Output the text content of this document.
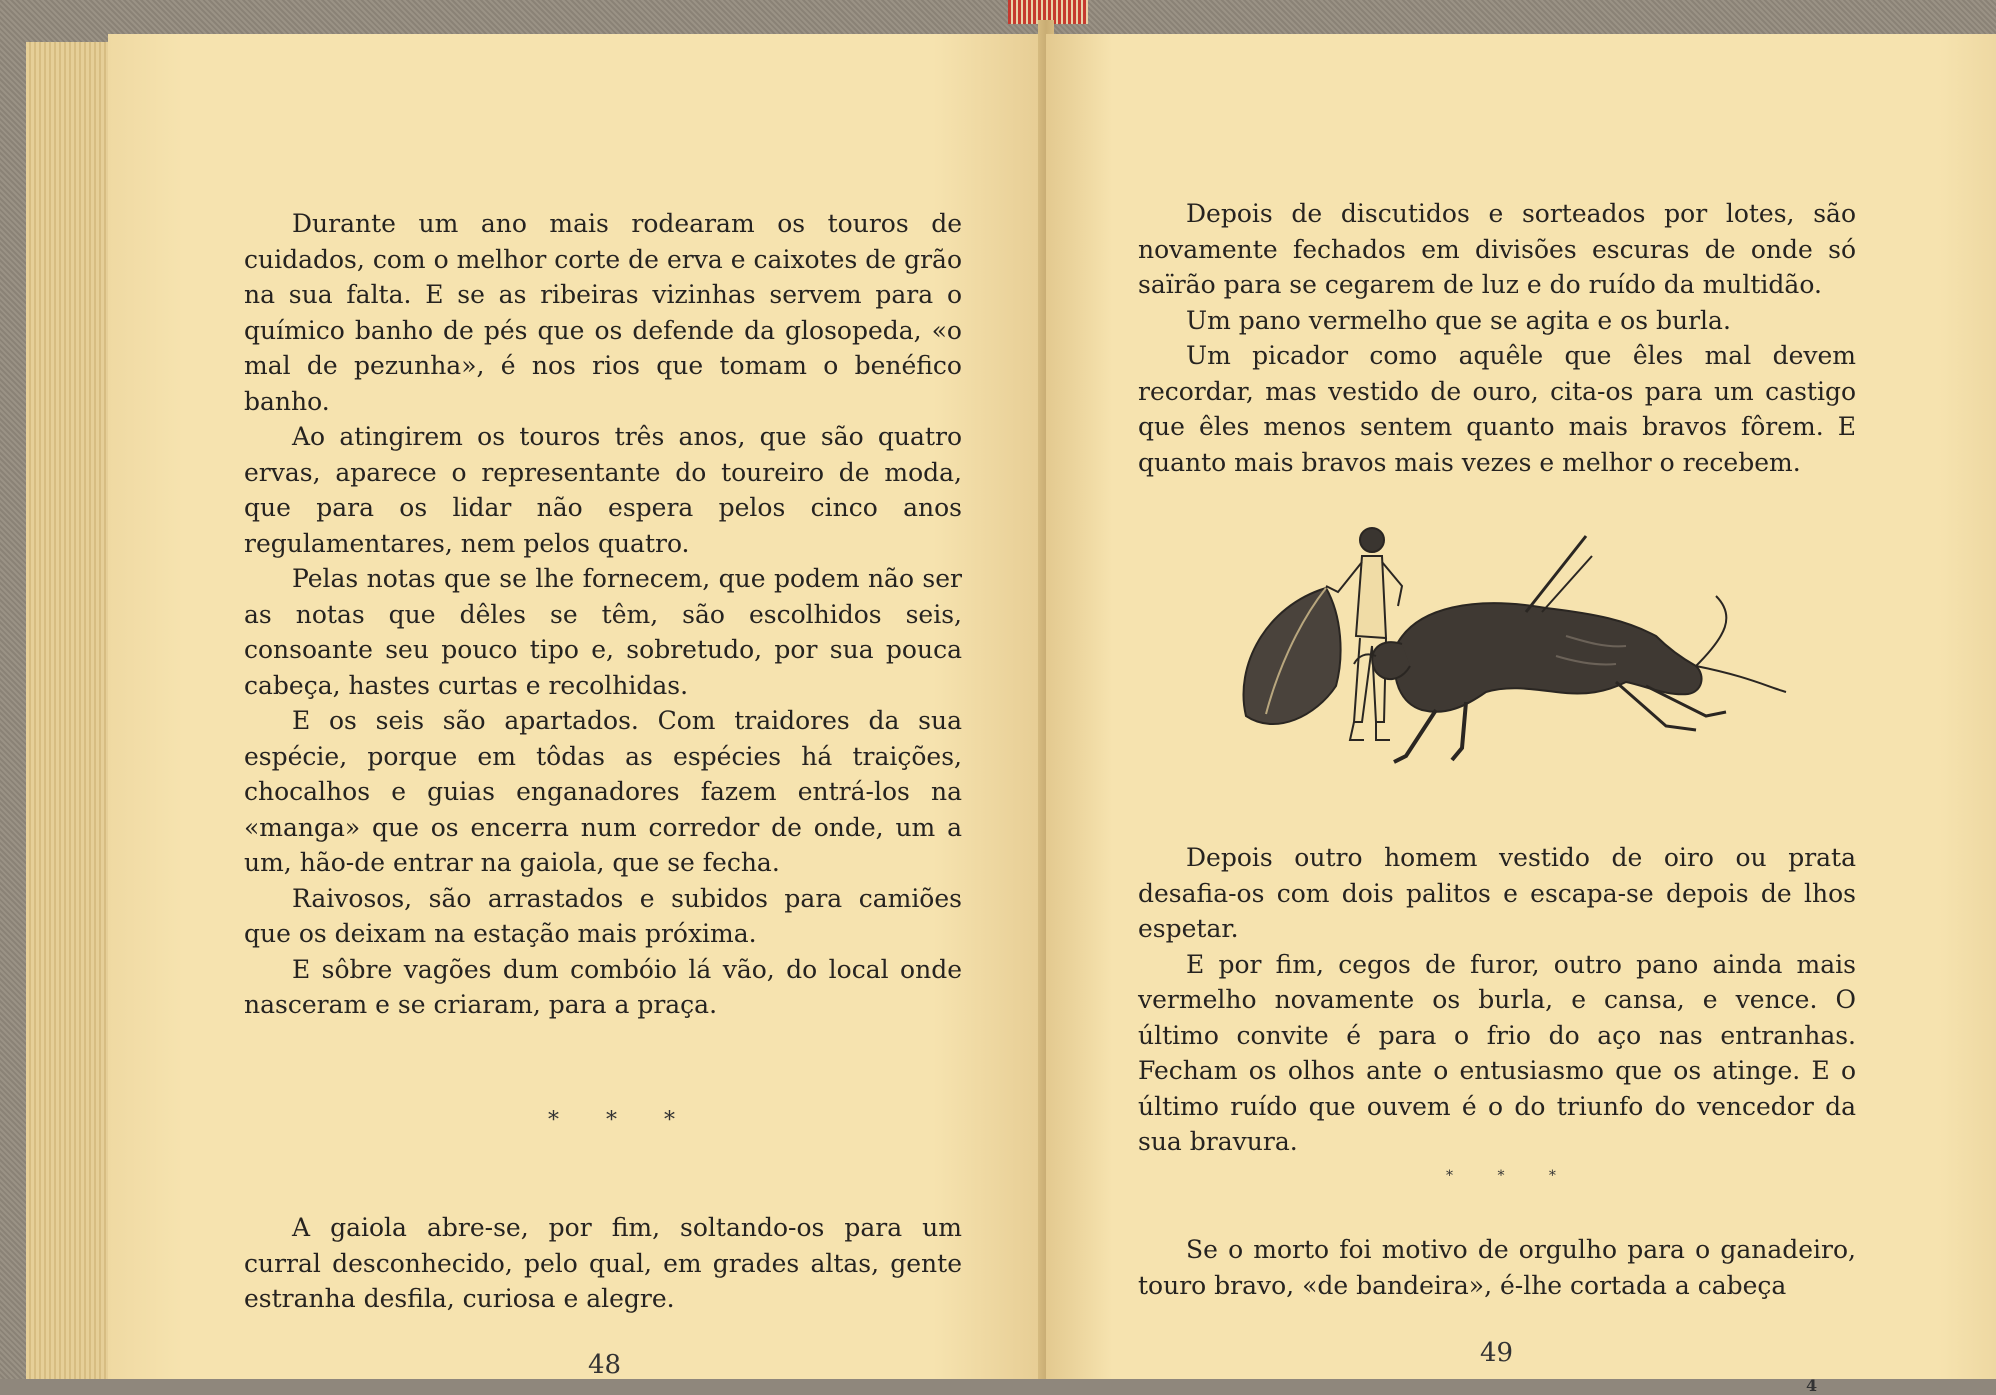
Durante um ano mais rodearam os touros de cuidados, com o melhor corte de erva e caixotes de grão na sua falta. E se as ribeiras vizinhas servem para o químico banho de pés que os defende da glosopeda, «o mal de pezunha», é nos rios que tomam o benéfico banho.

Ao atingirem os touros três anos, que são quatro ervas, aparece o representante do toureiro de moda, que para os lidar não espera pelos cinco anos regulamentares, nem pelos quatro.

Pelas notas que se lhe fornecem, que podem não ser as notas que dêles se têm, são escolhidos seis, consoante seu pouco tipo e, sobretudo, por sua pouca cabeça, hastes curtas e recolhidas.

E os seis são apartados. Com traidores da sua espécie, porque em tôdas as espécies há traições, chocalhos e guias enganadores fazem entrá-los na «manga» que os encerra num corredor de onde, um a um, hão-de entrar na gaiola, que se fecha.

Raivosos, são arrastados e subidos para camiões que os deixam na estação mais próxima.

E sôbre vagões dum combóio lá vão, do local onde nasceram e se criaram, para a praça.

* * *

A gaiola abre-se, por fim, soltando-os para um curral desconhecido, pelo qual, em grades altas, gente estranha desfila, curiosa e alegre.

48

Depois de discutidos e sorteados por lotes, são novamente fechados em divisões escuras de onde só saïrão para se cegarem de luz e do ruído da multidão.

Um pano vermelho que se agita e os burla.

Um picador como aquêle que êles mal devem recordar, mas vestido de ouro, cita-os para um castigo que êles menos sentem quanto mais bravos fôrem. E quanto mais bravos mais vezes e melhor o recebem.

Depois outro homem vestido de oiro ou prata desafia-os com dois palitos e escapa-se depois de lhos espetar.

E por fim, cegos de furor, outro pano ainda mais vermelho novamente os burla, e cansa, e vence. O último convite é para o frio do aço nas entranhas. Fecham os olhos ante o entusiasmo que os atinge. E o último ruído que ouvem é o do triunfo do vencedor da sua bravura.

* * *

Se o morto foi motivo de orgulho para o ganadeiro, touro bravo, «de bandeira», é-lhe cortada a cabeça

49
4
